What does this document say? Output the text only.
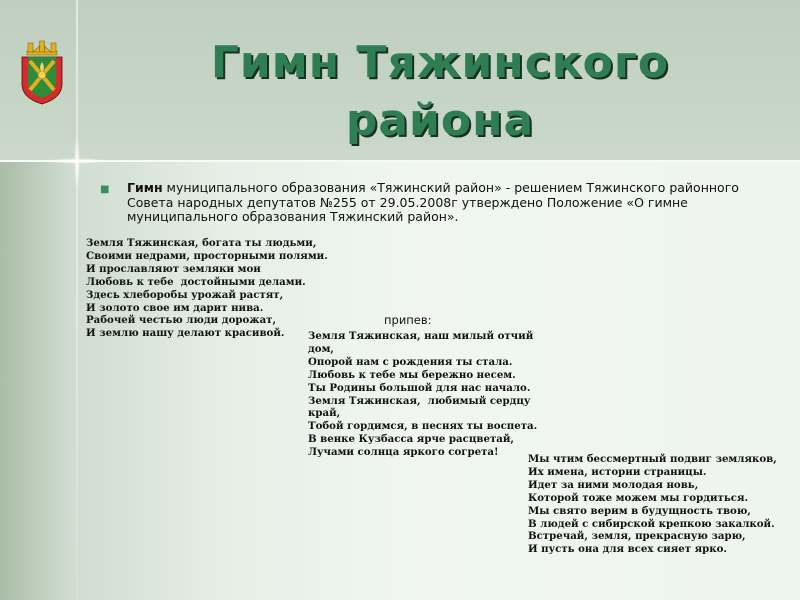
Гимн Тяжинского
района
■ Гимн муниципального образования «Тяжинский район» - решением Тяжинского районного Совета народных депутатов №255 от 29.05.2008г утверждено Положение «О гимне муниципального образования Тяжинский район».
Земля Тяжинская, богата ты людьми,
Своими недрами, просторными полями.
И прославляют земляки мои
Любовь к тебе  достойными делами.
Здесь хлеборобы урожай растят,
И золото свое им дарит нива.
Рабочей честью люди дорожат,
И землю нашу делают красивой.
припев:
Земля Тяжинская, наш милый отчий
дом,
Опорой нам с рождения ты стала.
Любовь к тебе мы бережно несем.
Ты Родины большой для нас начало.
Земля Тяжинская,  любимый сердцу
край,
Тобой гордимся, в песнях ты воспета.
В венке Кузбасса ярче расцветай,
Лучами солнца яркого согрета!
Мы чтим бессмертный подвиг земляков,
Их имена, истории страницы.
Идет за ними молодая новь,
Которой тоже можем мы гордиться.
Мы свято верим в будущность твою,
В людей с сибирской крепкою закалкой.
Встречай, земля, прекрасную зарю,
И пусть она для всех сияет ярко.
